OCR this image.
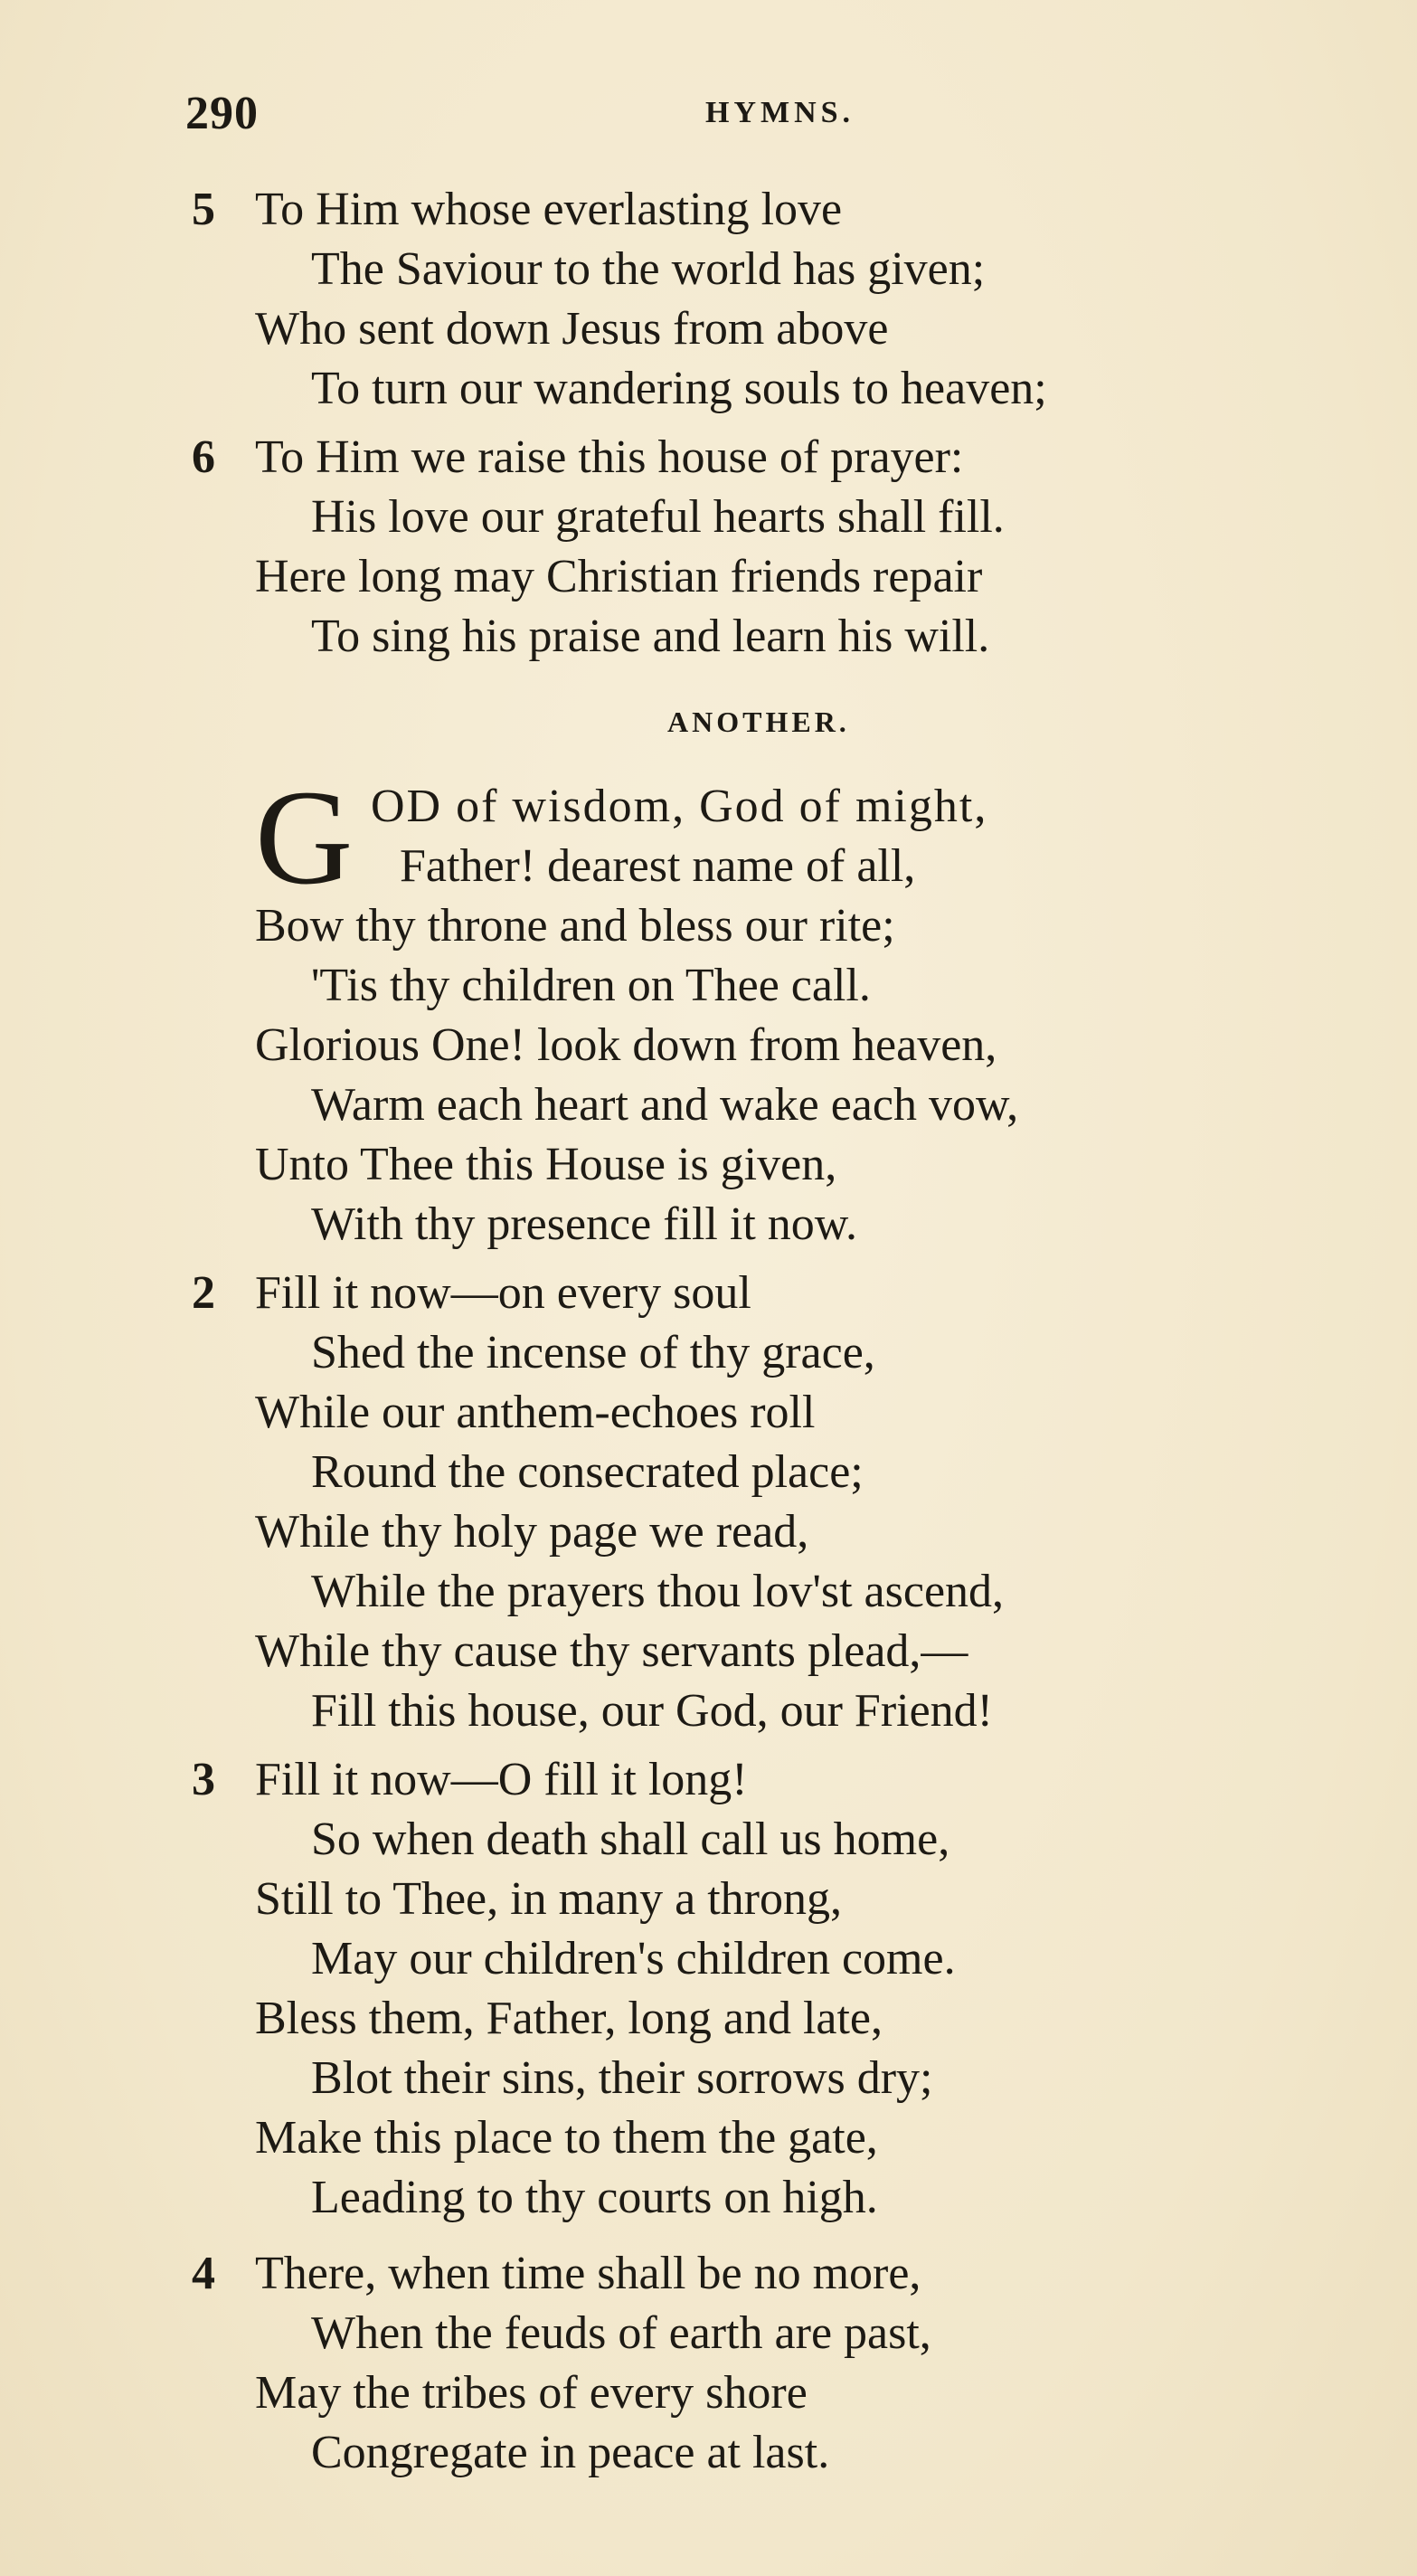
290	HYMNS.
5 To Him whose everlasting love
The Saviour to the world has given;
Who sent down Jesus from above
To turn our wandering souls to heaven;
6 To Him we raise this house of prayer:
His love our grateful hearts shall fill.
Here long may Christian friends repair
To sing his praise and learn his will.
ANOTHER.
G OD of wisdom, God of might,
Father! dearest name of all,
Bow thy throne and bless our rite;
'Tis thy children on Thee call.
Glorious One! look down from heaven,
Warm each heart and wake each vow,
Unto Thee this House is given,
With thy presence fill it now.
2 Fill it now—on every soul
Shed the incense of thy grace,
While our anthem-echoes roll
Round the consecrated place;
While thy holy page we read,
While the prayers thou lov'st ascend,
While thy cause thy servants plead,—
Fill this house, our God, our Friend!
3 Fill it now—O fill it long!
So when death shall call us home,
Still to Thee, in many a throng,
May our children's children come.
Bless them, Father, long and late,
Blot their sins, their sorrows dry;
Make this place to them the gate,
Leading to thy courts on high.
4 There, when time shall be no more,
When the feuds of earth are past,
May the tribes of every shore
Congregate in peace at last.
